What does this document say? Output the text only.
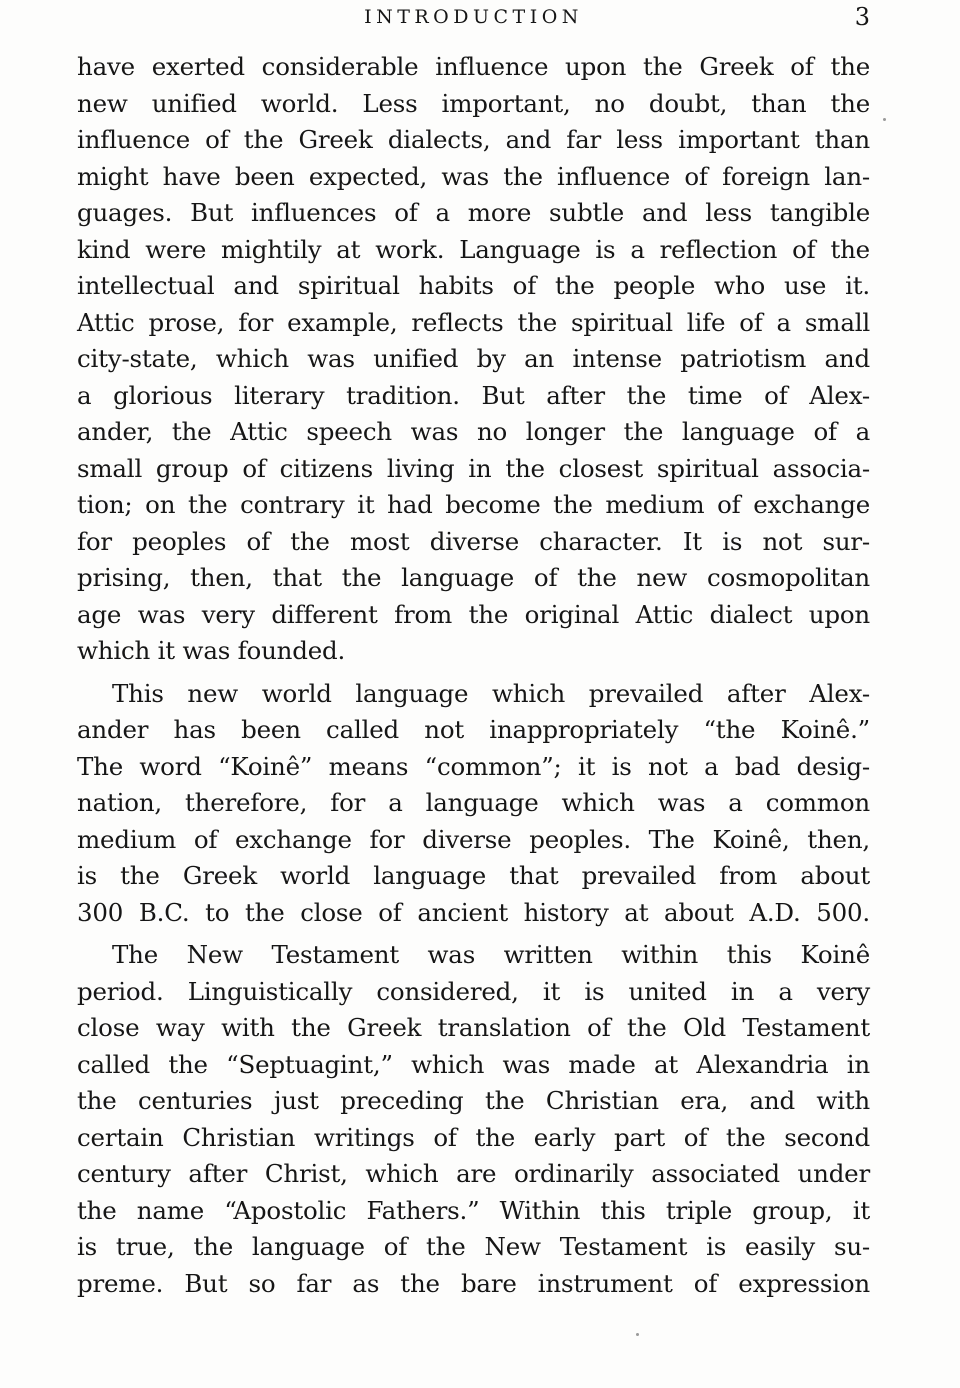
INTRODUCTION	3
have exerted considerable influence upon the Greek of the
new unified world. Less important, no doubt, than the
influence of the Greek dialects, and far less important than
might have been expected, was the influence of foreign lan-
guages. But influences of a more subtle and less tangible
kind were mightily at work. Language is a reflection of the
intellectual and spiritual habits of the people who use it.
Attic prose, for example, reflects the spiritual life of a small
city-state, which was unified by an intense patriotism and
a glorious literary tradition. But after the time of Alex-
ander, the Attic speech was no longer the language of a
small group of citizens living in the closest spiritual associa-
tion; on the contrary it had become the medium of exchange
for peoples of the most diverse character. It is not sur-
prising, then, that the language of the new cosmopolitan
age was very different from the original Attic dialect upon
which it was founded.
This new world language which prevailed after Alex-
ander has been called not inappropriately “the Koinê.”
The word “Koinê” means “common”; it is not a bad desig-
nation, therefore, for a language which was a common
medium of exchange for diverse peoples. The Koinê, then,
is the Greek world language that prevailed from about
300 B.C. to the close of ancient history at about A.D. 500.
The New Testament was written within this Koinê
period. Linguistically considered, it is united in a very
close way with the Greek translation of the Old Testament
called the “Septuagint,” which was made at Alexandria in
the centuries just preceding the Christian era, and with
certain Christian writings of the early part of the second
century after Christ, which are ordinarily associated under
the name “Apostolic Fathers.” Within this triple group, it
is true, the language of the New Testament is easily su-
preme. But so far as the bare instrument of expression
